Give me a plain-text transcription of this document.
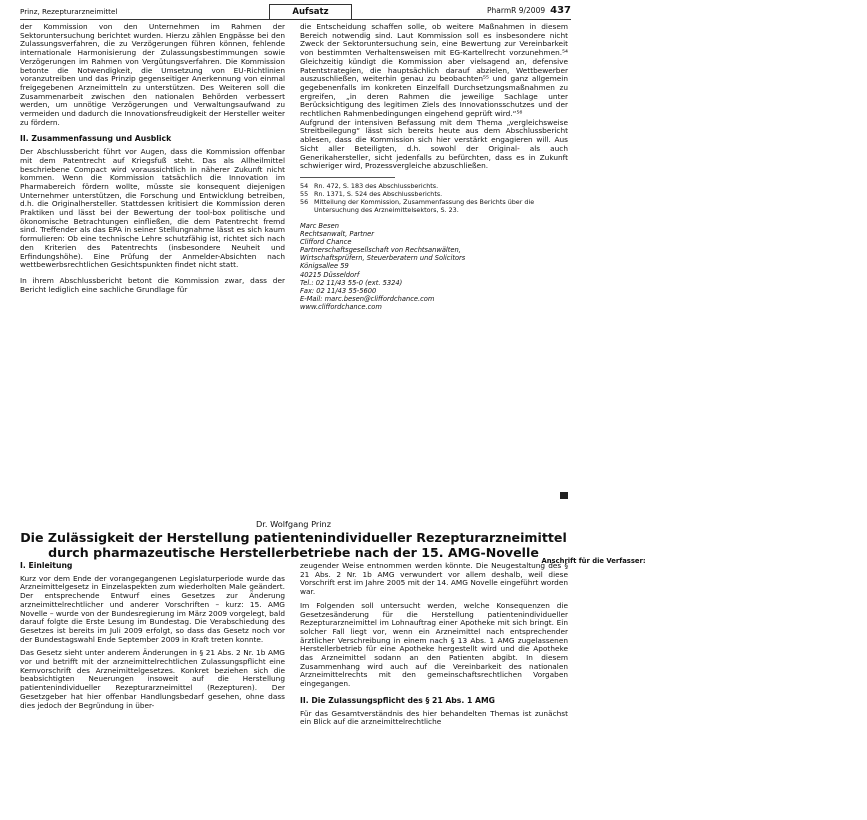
Prinz, Rezepturarzneimittel	Aufsatz	PharmR 9/2009 437

der Kommission von den Unternehmen im Rahmen der Sektoruntersuchung berichtet wurden. Hierzu zählen Engpässe bei den Zulassungsverfahren, die zu Verzögerungen führen können, fehlende internationale Harmonisierung der Zulassungsbestimmungen sowie Verzögerungen im Rahmen von Vergütungsverfahren. Die Kommission betonte die Notwendigkeit, die Umsetzung von EU-Richtlinien voranzutreiben und das Prinzip gegenseitiger Anerkennung von einmal freigegebenen Arzneimitteln zu unterstützen. Des Weiteren soll die Zusammenarbeit zwischen den nationalen Behörden verbessert werden, um unnötige Verzögerungen und Verwaltungsaufwand zu vermeiden und dadurch die Innovationsfreudigkeit der Hersteller weiter zu fördern.

II. Zusammenfassung und Ausblick

Der Abschlussbericht führt vor Augen, dass die Kommission offenbar mit dem Patentrecht auf Kriegsfuß steht. Das als Allheilmittel beschriebene Compact wird voraussichtlich in näherer Zukunft nicht kommen. Wenn die Kommission tatsächlich die Innovation im Pharmabereich fördern wollte, müsste sie konsequent diejenigen Unternehmer unterstützen, die Forschung und Entwicklung betreiben, d.h. die Originalhersteller. Stattdessen kritisiert die Kommission deren Praktiken und lässt bei der Bewertung der tool-box politische und ökonomische Betrachtungen einfließen, die dem Patentrecht fremd sind. Treffender als das EPA in seiner Stellungnahme lässt es sich kaum formulieren: Ob eine technische Lehre schutzfähig ist, richtet sich nach den Kriterien des Patentrechts (insbesondere Neuheit und Erfindungshöhe). Eine Prüfung der Anmelder-Absichten nach wettbewerbsrechtlichen Gesichtspunkten findet nicht statt.

In ihrem Abschlussbericht betont die Kommission zwar, dass der Bericht lediglich eine sachliche Grundlage für

die Entscheidung schaffen solle, ob weitere Maßnahmen in diesem Bereich notwendig sind. Laut Kommission soll es insbesondere nicht Zweck der Sektoruntersuchung sein, eine Bewertung zur Vereinbarkeit von bestimmten Verhaltensweisen mit EG-Kartellrecht vorzunehmen.⁵⁴ Gleichzeitig kündigt die Kommission aber vielsagend an, defensive Patentstrategien, die hauptsächlich darauf abzielen, Wettbewerber auszuschließen, weiterhin genau zu beobachten⁵⁵ und ganz allgemein gegebenenfalls im konkreten Einzelfall Durchsetzungsmaßnahmen zu ergreifen, „in deren Rahmen die jeweilige Sachlage unter Berücksichtigung des legitimen Ziels des Innovationsschutzes und der rechtlichen Rahmenbedingungen eingehend geprüft wird.“⁵⁶

Aufgrund der intensiven Befassung mit dem Thema „vergleichsweise Streitbeilegung“ lässt sich bereits heute aus dem Abschlussbericht ablesen, dass die Kommission sich hier verstärkt engagieren will. Aus Sicht aller Beteiligten, d.h. sowohl der Original- als auch Generikahersteller, sicht jedenfalls zu befürchten, dass es in Zukunft schwieriger wird, Prozessvergleiche abzuschließen.

54 Rn. 472, S. 183 des Abschlussberichts.
55 Rn. 1371, S. 524 des Abschlussberichts.
56 Mitteilung der Kommission, Zusammenfassung des Berichts über die Untersuchung des Arzneimittelsektors, S. 23.
Anschrift für die Verfasser:
Marc Besen
Rechtsanwalt, Partner
Clifford Chance
Partnerschaftsgesellschaft von Rechtsanwälten,
Wirtschaftsprüfern, Steuerberatern und Solicitors
Königsallee 59
40215 Düsseldorf
Tel.: 02 11/43 55-0 (ext. 5324)
Fax: 02 11/43 55-5600
E-Mail: marc.besen@cliffordchance.com
www.cliffordchance.com
Dr. Wolfgang Prinz
Die Zulässigkeit der Herstellung patientenindividueller Rezepturarzneimittel
durch pharmazeutische Herstellerbetriebe nach der 15. AMG-Novelle
I. Einleitung

Kurz vor dem Ende der vorangegangenen Legislaturperiode wurde das Arzneimittelgesetz in Einzelaspekten zum wiederholten Male geändert. Der entsprechende Entwurf eines Gesetzes zur Änderung arzneimittelrechtlicher und anderer Vorschriften – kurz: 15. AMG Novelle – wurde von der Bundesregierung im März 2009 vorgelegt, bald darauf folgte die Erste Lesung im Bundestag. Die Verabschiedung des Gesetzes ist bereits im Juli 2009 erfolgt, so dass das Gesetz noch vor der Bundestagswahl Ende September 2009 in Kraft treten konnte.

Das Gesetz sieht unter anderem Änderungen in § 21 Abs. 2 Nr. 1b AMG vor und betrifft mit der arzneimittelrechtlichen Zulassungspflicht eine Kernvorschrift des Arzneimittelgesetzes. Konkret beziehen sich die beabsichtigten Neuerungen insoweit auf die Herstellung patientenindividueller Rezepturarzneimittel (Rezepturen). Der Gesetzgeber hat hier offenbar Handlungsbedarf gesehen, ohne dass dies jedoch der Begründung in über-

zeugender Weise entnommen werden könnte. Die Neugestaltung des § 21 Abs. 2 Nr. 1b AMG verwundert vor allem deshalb, weil diese Vorschrift erst im Jahre 2005 mit der 14. AMG Novelle eingeführt worden war.

Im Folgenden soll untersucht werden, welche Konsequenzen die Gesetzesänderung für die Herstellung patientenindividueller Rezepturarzneimittel im Lohnauftrag einer Apotheke mit sich bringt. Ein solcher Fall liegt vor, wenn ein Arzneimittel nach entsprechender ärztlicher Verschreibung in einem nach § 13 Abs. 1 AMG zugelassenen Herstellerbetrieb für eine Apotheke hergestellt wird und die Apotheke das Arzneimittel sodann an den Patienten abgibt. In diesem Zusammenhang wird auch auf die Vereinbarkeit des nationalen Arzneimittelrechts mit den gemeinschaftsrechtlichen Vorgaben eingegangen.

II. Die Zulassungspflicht des § 21 Abs. 1 AMG

Für das Gesamtverständnis des hier behandelten Themas ist zunächst ein Blick auf die arzneimittelrechtliche
